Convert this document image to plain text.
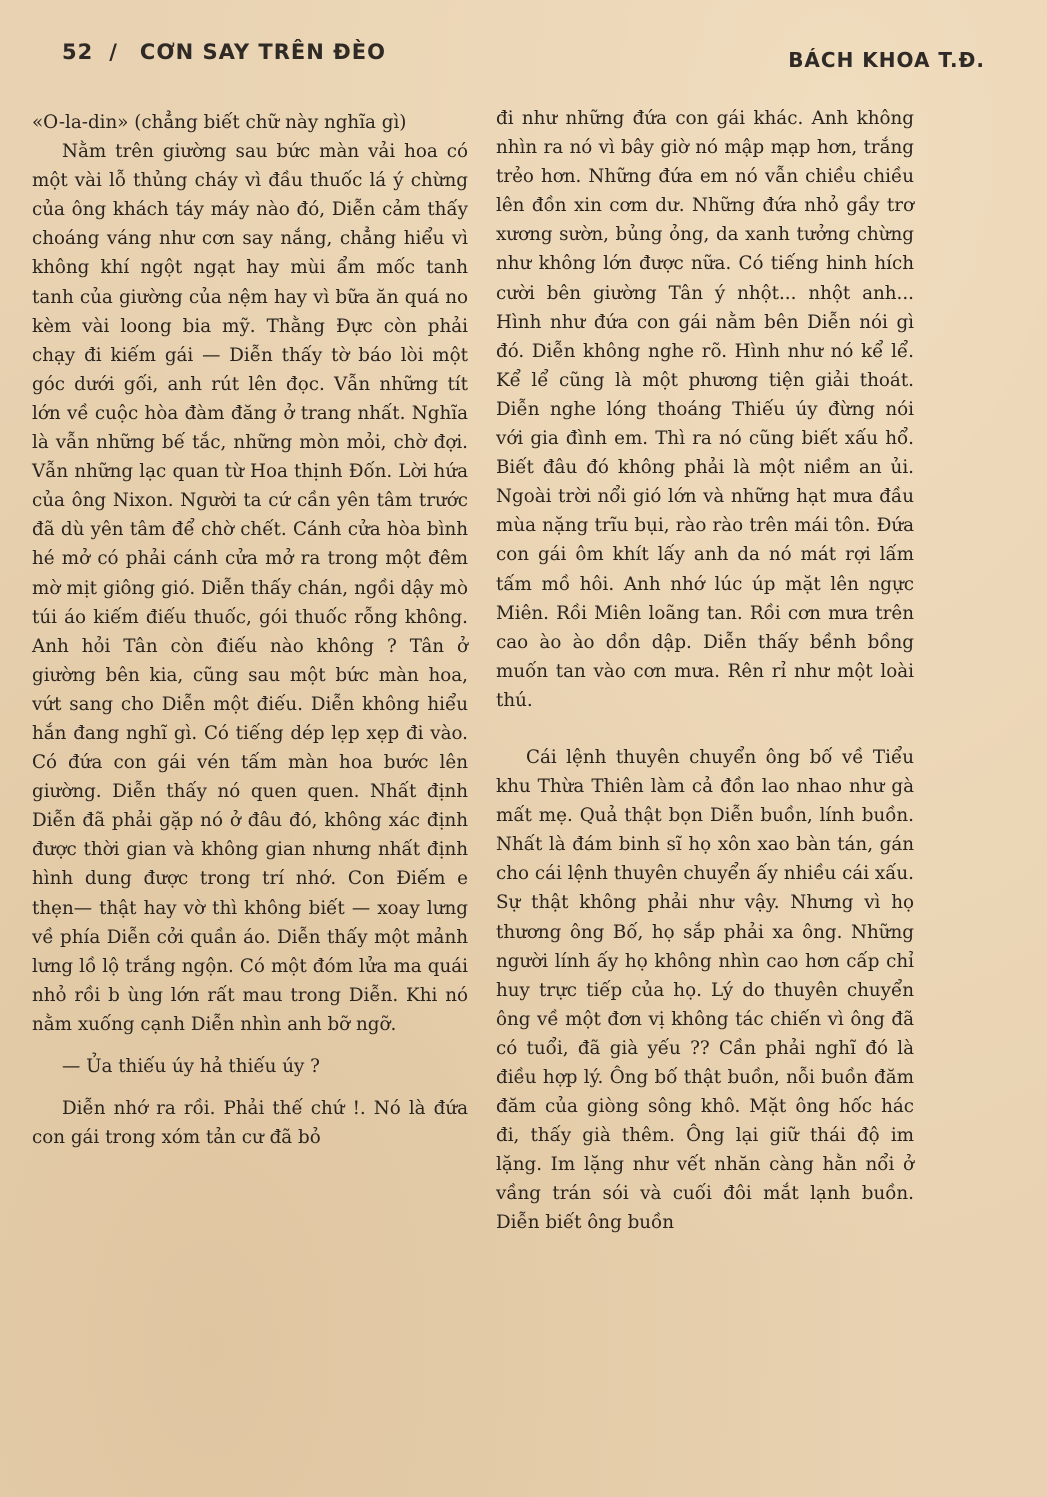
52 / CƠN SAY TRÊN ĐÈO	BÁCH KHOA T.Đ.

«O-la-din» (chẳng biết chữ này nghĩa gì)

Nằm trên giường sau bức màn vải hoa có một vài lỗ thủng cháy vì đầu thuốc lá ý chừng của ông khách táy máy nào đó, Diễn cảm thấy choáng váng như cơn say nắng, chẳng hiểu vì không khí ngột ngạt hay mùi ẩm mốc tanh tanh của giường của nệm hay vì bữa ăn quá no kèm vài loong bia mỹ. Thằng Đực còn phải chạy đi kiếm gái — Diễn thấy tờ báo lòi một góc dưới gối, anh rút lên đọc. Vẫn những tít lớn về cuộc hòa đàm đăng ở trang nhất. Nghĩa là vẫn những bế tắc, những mòn mỏi, chờ đợi. Vẫn những lạc quan từ Hoa thịnh Đốn. Lời hứa của ông Nixon. Người ta cứ cần yên tâm trước đã dù yên tâm để chờ chết. Cánh cửa hòa bình hé mở có phải cánh cửa mở ra trong một đêm mờ mịt giông gió. Diễn thấy chán, ngồi dậy mò túi áo kiếm điếu thuốc, gói thuốc rỗng không. Anh hỏi Tân còn điếu nào không ? Tân ở giường bên kia, cũng sau một bức màn hoa, vứt sang cho Diễn một điếu. Diễn không hiểu hắn đang nghĩ gì. Có tiếng dép lẹp xẹp đi vào. Có đứa con gái vén tấm màn hoa bước lên giường. Diễn thấy nó quen quen. Nhất định Diễn đã phải gặp nó ở đâu đó, không xác định được thời gian và không gian nhưng nhất định hình dung được trong trí nhớ. Con Điếm e thẹn— thật hay vờ thì không biết — xoay lưng về phía Diễn cởi quần áo. Diễn thấy một mảnh lưng lồ lộ trắng ngộn. Có một đóm lửa ma quái nhỏ rồi b ùng lớn rất mau trong Diễn. Khi nó nằm xuống cạnh Diễn nhìn anh bỡ ngỡ.

— Ủa thiếu úy hả thiếu úy ?

Diễn nhớ ra rồi. Phải thế chứ !. Nó là đứa con gái trong xóm tản cư đã bỏ

đi như những đứa con gái khác. Anh không nhìn ra nó vì bây giờ nó mập mạp hơn, trắng trẻo hơn. Những đứa em nó vẫn chiều chiều lên đồn xin cơm dư. Những đứa nhỏ gầy trơ xương sườn, bủng ỏng, da xanh tưởng chừng như không lớn được nữa. Có tiếng hinh hích cười bên giường Tân ý nhột... nhột anh... Hình như đứa con gái nằm bên Diễn nói gì đó. Diễn không nghe rõ. Hình như nó kể lể. Kể lể cũng là một phương tiện giải thoát. Diễn nghe lóng thoáng Thiếu úy đừng nói với gia đình em. Thì ra nó cũng biết xấu hổ. Biết đâu đó không phải là một niềm an ủi. Ngoài trời nổi gió lớn và những hạt mưa đầu mùa nặng trĩu bụi, rào rào trên mái tôn. Đứa con gái ôm khít lấy anh da nó mát rợi lấm tấm mồ hôi. Anh nhớ lúc úp mặt lên ngực Miên. Rồi Miên loãng tan. Rồi cơn mưa trên cao ào ào dồn dập. Diễn thấy bềnh bồng muốn tan vào cơn mưa. Rên rỉ như một loài thú.

Cái lệnh thuyên chuyển ông bố về Tiểu khu Thừa Thiên làm cả đồn lao nhao như gà mất mẹ. Quả thật bọn Diễn buồn, lính buồn. Nhất là đám binh sĩ họ xôn xao bàn tán, gán cho cái lệnh thuyên chuyển ấy nhiều cái xấu. Sự thật không phải như vậy. Nhưng vì họ thương ông Bố, họ sắp phải xa ông. Những người lính ấy họ không nhìn cao hơn cấp chỉ huy trực tiếp của họ. Lý do thuyên chuyển ông về một đơn vị không tác chiến vì ông đã có tuổi, đã già yếu ?? Cần phải nghĩ đó là điều hợp lý. Ông bố thật buồn, nỗi buồn đăm đăm của giòng sông khô. Mặt ông hốc hác đi, thấy già thêm. Ông lại giữ thái độ im lặng. Im lặng như vết nhăn càng hằn nổi ở vầng trán sói và cuối đôi mắt lạnh buồn. Diễn biết ông buồn
